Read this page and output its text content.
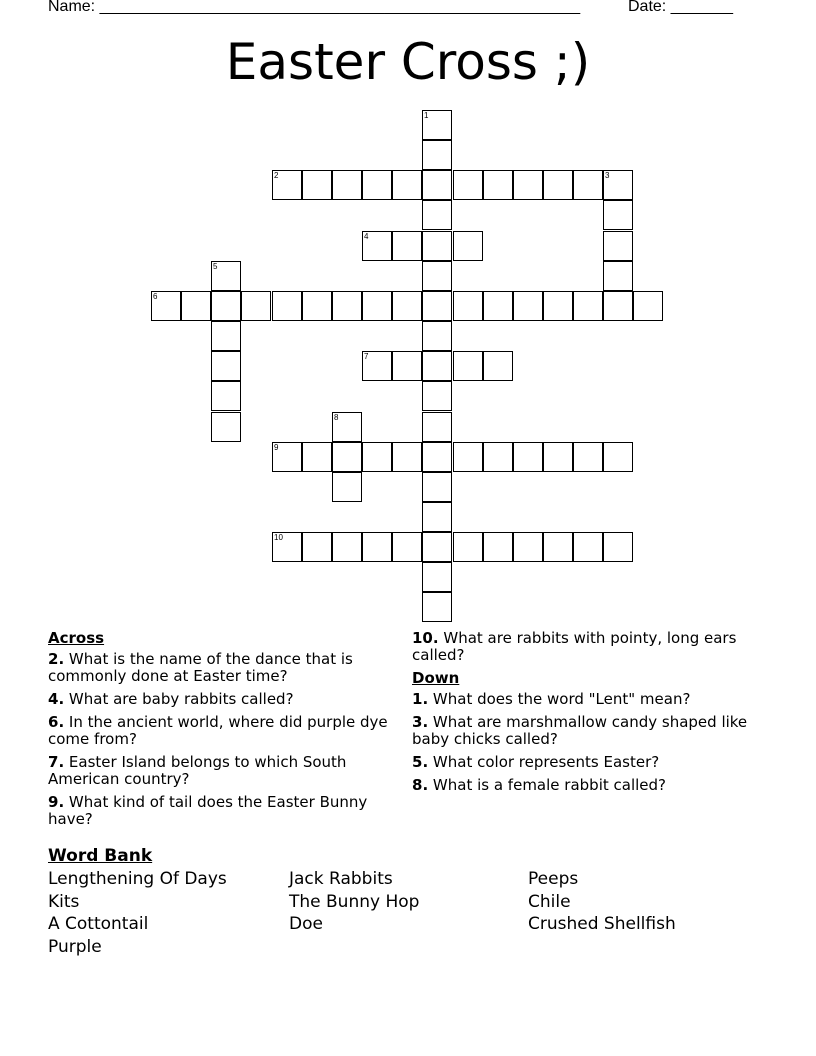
Name: ______________________________________________________	Date: _______
Easter Cross ;)
2	3
4
6
7
9
10
1
5
8
Across
2. What is the name of the dance that is commonly done at Easter time?
4. What are baby rabbits called?
6. In the ancient world, where did purple dye come from?
7. Easter Island belongs to which South American country?
9. What kind of tail does the Easter Bunny have?
10. What are rabbits with pointy, long ears called?
Down
1. What does the word "Lent" mean?
3. What are marshmallow candy shaped like baby chicks called?
5. What color represents Easter?
8. What is a female rabbit called?
Word Bank
Lengthening Of Days
Kits
A Cottontail
Purple
Jack Rabbits
The Bunny Hop
Doe
Peeps
Chile
Crushed Shellfish
